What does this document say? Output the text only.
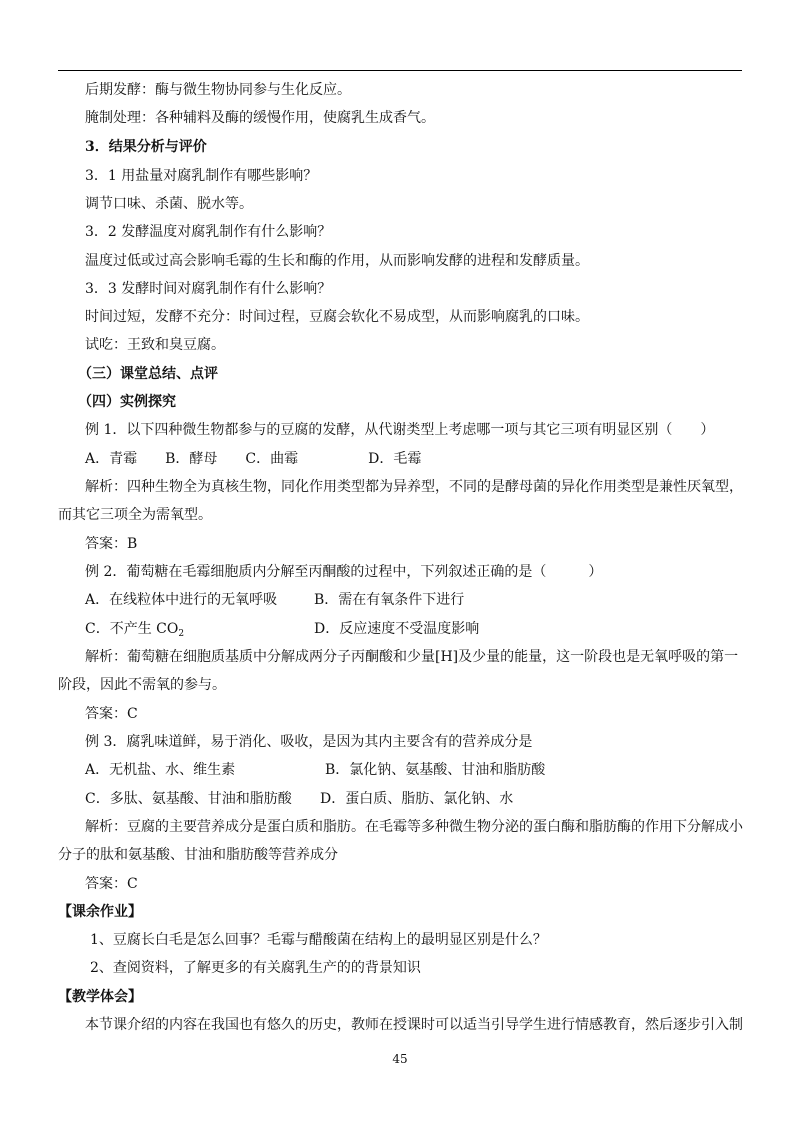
后期发酵：酶与微生物协同参与生化反应。
腌制处理：各种辅料及酶的缓慢作用，使腐乳生成香气。
3．结果分析与评价
3．1 用盐量对腐乳制作有哪些影响？
调节口味、杀菌、脱水等。
3．2 发酵温度对腐乳制作有什么影响？
温度过低或过高会影响毛霉的生长和酶的作用，从而影响发酵的进程和发酵质量。
3．3 发酵时间对腐乳制作有什么影响？
时间过短，发酵不充分：时间过程，豆腐会软化不易成型，从而影响腐乳的口味。
试吃：王致和臭豆腐。
（三）课堂总结、点评
（四）实例探究
例 1．以下四种微生物都参与的豆腐的发酵，从代谢类型上考虑哪一项与其它三项有明显区别（　　）
A．青霉　　B．酵母　　C．曲霉　　　　　D．毛霉
解析：四种生物全为真核生物，同化作用类型都为异养型，不同的是酵母菌的异化作用类型是兼性厌氧型，
而其它三项全为需氧型。
答案：B
例 2．葡萄糖在毛霉细胞质内分解至丙酮酸的过程中，下列叙述正确的是（　　　）
A．在线粒体中进行的无氧呼吸	B．需在有氧条件下进行
C．不产生 $CO_2$	D．反应速度不受温度影响
解析：葡萄糖在细胞质基质中分解成两分子丙酮酸和少量[H]及少量的能量，这一阶段也是无氧呼吸的第一
阶段，因此不需氧的参与。
答案：C
例 3．腐乳味道鲜，易于消化、吸收，是因为其内主要含有的营养成分是
A．无机盐、水、维生素	B．氯化钠、氨基酸、甘油和脂肪酸
C．多肽、氨基酸、甘油和脂肪酸 D．蛋白质、脂肪、氯化钠、水
解析：豆腐的主要营养成分是蛋白质和脂肪。在毛霉等多种微生物分泌的蛋白酶和脂肪酶的作用下分解成小
分子的肽和氨基酸、甘油和脂肪酸等营养成分
答案：C
【课余作业】
1、豆腐长白毛是怎么回事？毛霉与醋酸菌在结构上的最明显区别是什么？
2、查阅资料，了解更多的有关腐乳生产的的背景知识
【教学体会】
本节课介绍的内容在我国也有悠久的历史，教师在授课时可以适当引导学生进行情感教育，然后逐步引入制
45
